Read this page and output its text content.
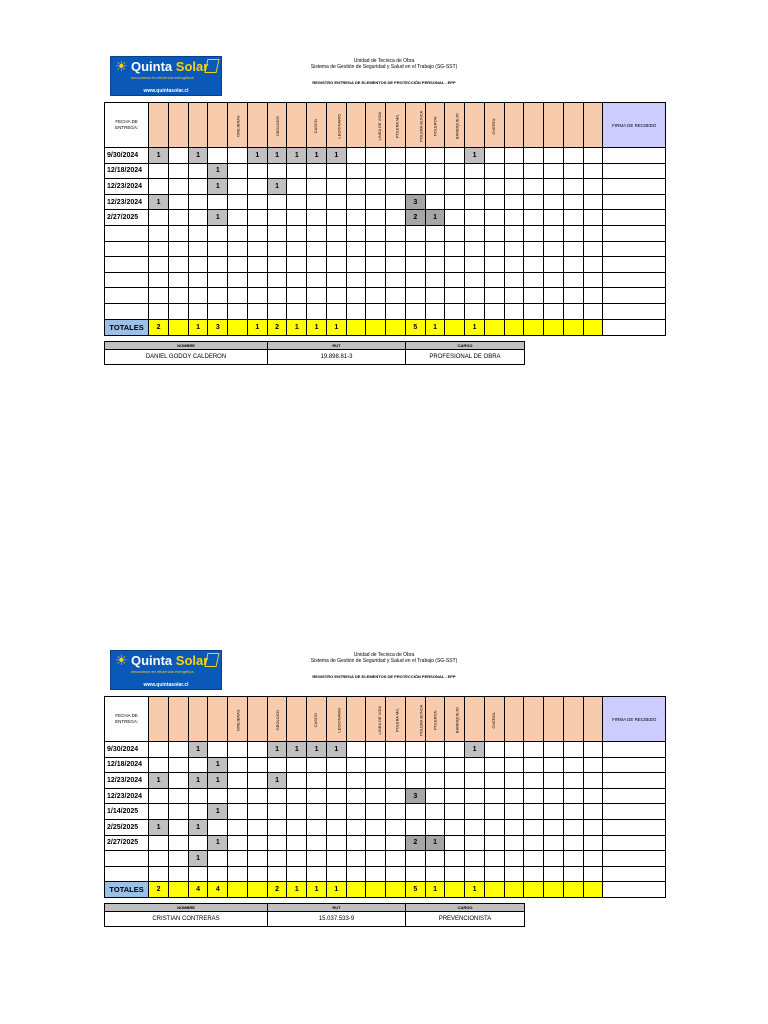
☀ Quinta Solar
innovamos en eficiencia energética
www.quintasolar.cl
Unidad de Tecnica de Obra
Sistema de Gestión de Seguridad y Salud en el Trabajo (SG-SST)
REGISTRO ENTREGA DE ELEMENTOS DE PROTECCIÓN PERSONAL - EPP
FECHA DE ENTREGA:					OREJERAS		GEOLOGO		CASCO	LEGIONARIO		LINEA DE VIDA	POLERA M/L	POLERA BUNCA	POLERON	BARBIQUEJO		OVEROL						FIRMA DE RECIBIDO
9/30/2024	1		1			1	1	1	1	1							1							
12/18/2024				1																				
12/23/2024				1			1																	
12/23/2024	1													3										
2/27/2025				1										2	1									

TOTALES	2		1	3		1	2	1	1	1				5	1		1							
NOMBRE	RUT	CARGO
DANIEL GODOY CALDERON	19.898.81-3	PROFESIONAL DE OBRA
☀ Quinta Solar
innovamos en eficiencia energética
www.quintasolar.cl
Unidad de Tecnica de Obra
Sistema de Gestión de Seguridad y Salud en el Trabajo (SG-SST)
REGISTRO ENTREGA DE ELEMENTOS DE PROTECCIÓN PERSONAL - EPP
FECHA DE ENTREGA:					OREJERAS		GEOLOGO		CASCO	LEGIONARIO		LINEA DE VIDA	POLERA M/L	POLERA BUNCA	POLERON	BARBIQUEJO		OVEROL						FIRMA DE RECIBIDO
9/30/2024			1				1	1	1	1							1							
12/18/2024				1																				
12/23/2024	1		1	1			1																	
12/23/2024														3										
1/14/2025				1																				
2/25/2025	1		1																					
2/27/2025				1										2	1									
			1																					

TOTALES	2		4	4			2	1	1	1				5	1		1							
NOMBRE	RUT	CARGO
CRISTIAN CONTRERAS	15.037.533-9	PREVENCIONISTA
